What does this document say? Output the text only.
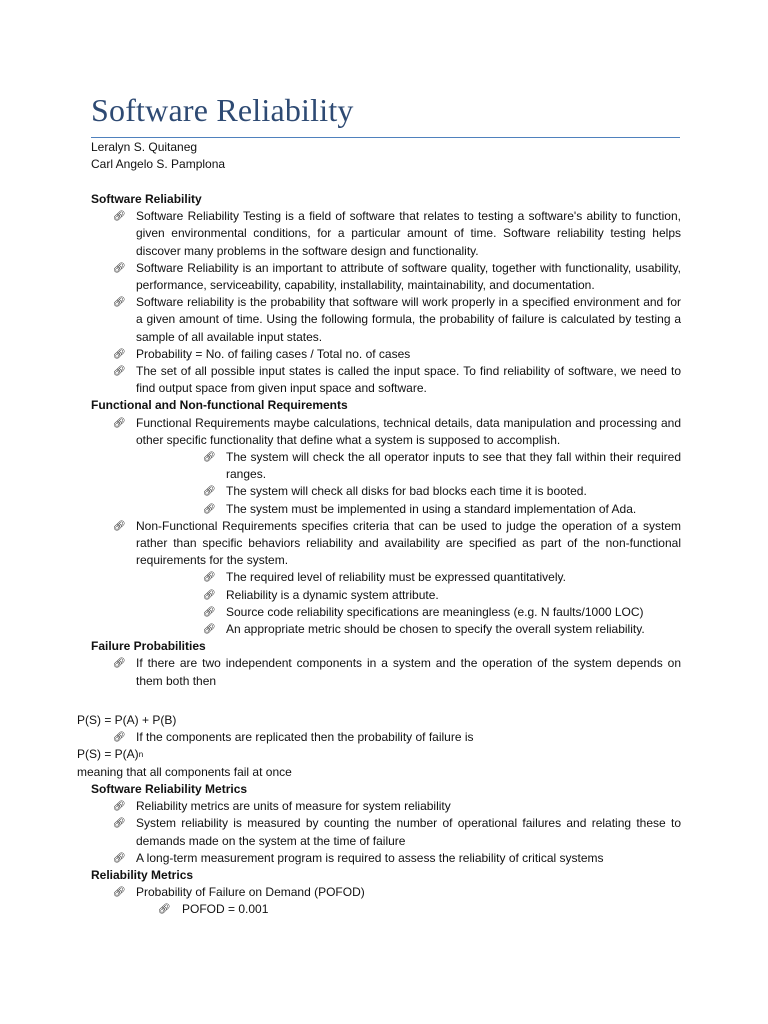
Software Reliability
Leralyn S. Quitaneg
Carl Angelo S. Pamplona
Software Reliability
🔗︎ Software Reliability Testing is a field of software that relates to testing a software's ability to function, given environmental conditions, for a particular amount of time. Software reliability testing helps discover many problems in the software design and functionality.
🔗︎ Software Reliability is an important to attribute of software quality, together with functionality, usability, performance, serviceability, capability, installability, maintainability, and documentation.
🔗︎ Software reliability is the probability that software will work properly in a specified environment and for a given amount of time. Using the following formula, the probability of failure is calculated by testing a sample of all available input states.
🔗︎ Probability = No. of failing cases / Total no. of cases
🔗︎ The set of all possible input states is called the input space. To find reliability of software, we need to find output space from given input space and software.
Functional and Non-functional Requirements
🔗︎ Functional Requirements maybe calculations, technical details, data manipulation and processing and other specific functionality that define what a system is supposed to accomplish.
🔗︎ The system will check the all operator inputs to see that they fall within their required ranges.
🔗︎ The system will check all disks for bad blocks each time it is booted.
🔗︎ The system must be implemented in using a standard implementation of Ada.
🔗︎ Non-Functional Requirements specifies criteria that can be used to judge the operation of a system rather than specific behaviors reliability and availability are specified as part of the non-functional requirements for the system.
🔗︎ The required level of reliability must be expressed quantitatively.
🔗︎ Reliability is a dynamic system attribute.
🔗︎ Source code reliability specifications are meaningless (e.g. N faults/1000 LOC)
🔗︎ An appropriate metric should be chosen to specify the overall system reliability.
Failure Probabilities
🔗︎ If there are two independent components in a system and the operation of the system depends on them both then
P(S) = P(A) + P(B)
🔗︎ If the components are replicated then the probability of failure is
$P(S) = P(A)^n$
meaning that all components fail at once
Software Reliability Metrics
🔗︎ Reliability metrics are units of measure for system reliability
🔗︎ System reliability is measured by counting the number of operational failures and relating these to demands made on the system at the time of failure
🔗︎ A long-term measurement program is required to assess the reliability of critical systems
Reliability Metrics
🔗︎ Probability of Failure on Demand (POFOD)
🔗︎ POFOD = 0.001
